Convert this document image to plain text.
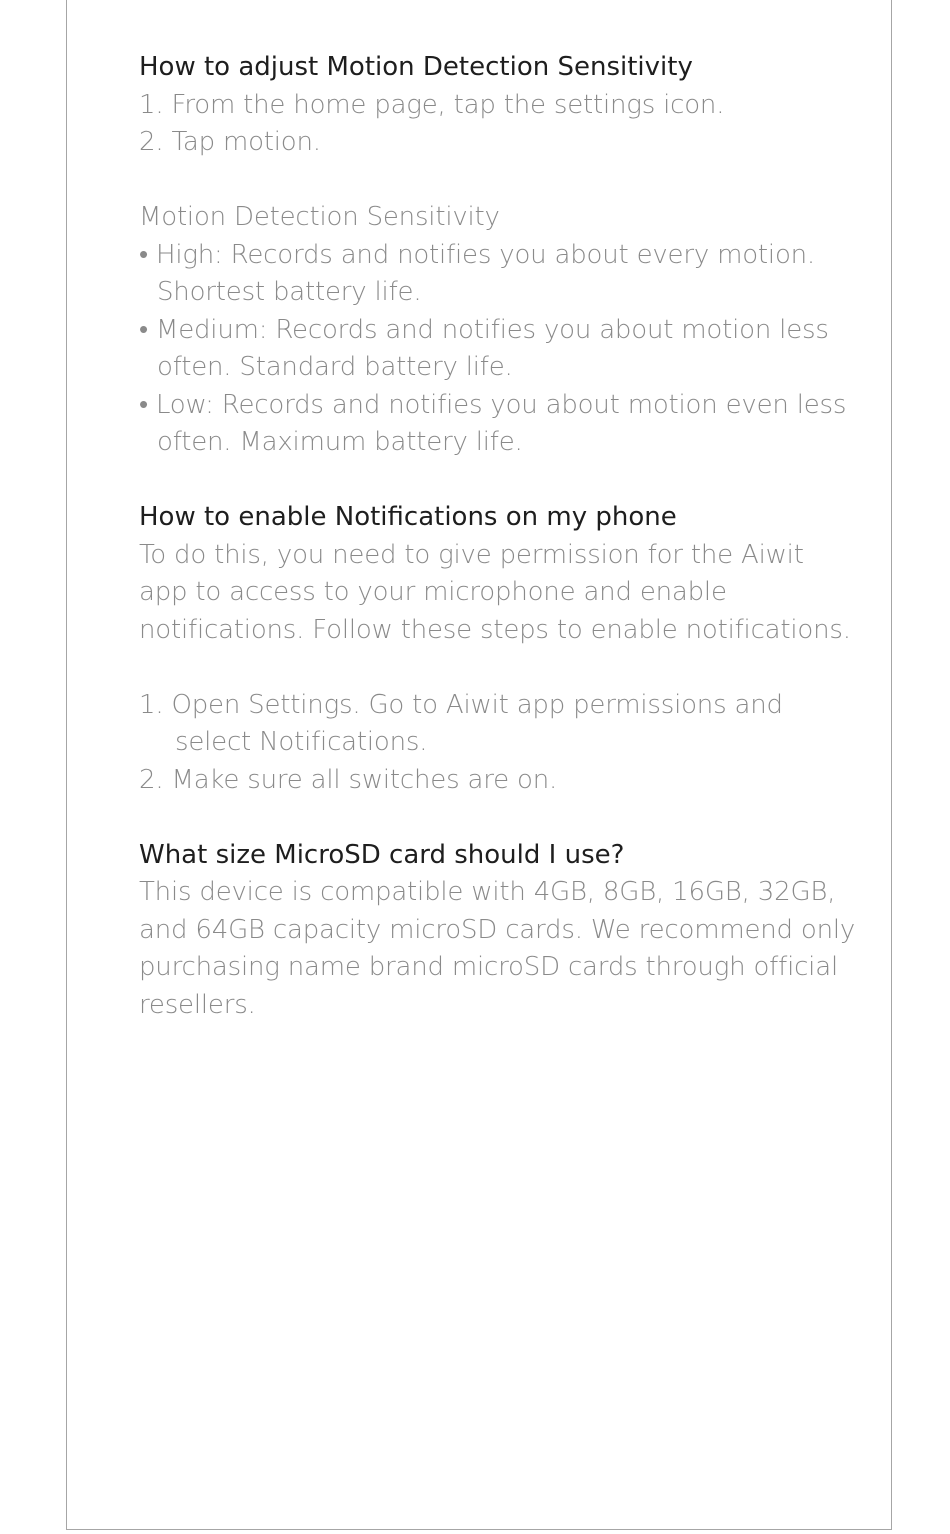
How to adjust Motion Detection Sensitivity
1. From the home page, tap the settings icon.
2. Tap motion.
Motion Detection Sensitivity
• High: Records and notifies you about every motion.
Shortest battery life.
• Medium: Records and notifies you about motion less
often. Standard battery life.
• Low: Records and notifies you about motion even less
often. Maximum battery life.
How to enable Notifications on my phone
To do this, you need to give permission for the Aiwit
app to access to your microphone and enable
notifications. Follow these steps to enable notifications.
1. Open Settings. Go to Aiwit app permissions and
select Notifications.
2. Make sure all switches are on.
What size MicroSD card should I use?
This device is compatible with 4GB, 8GB, 16GB, 32GB,
and 64GB capacity microSD cards. We recommend only
purchasing name brand microSD cards through official
resellers.
